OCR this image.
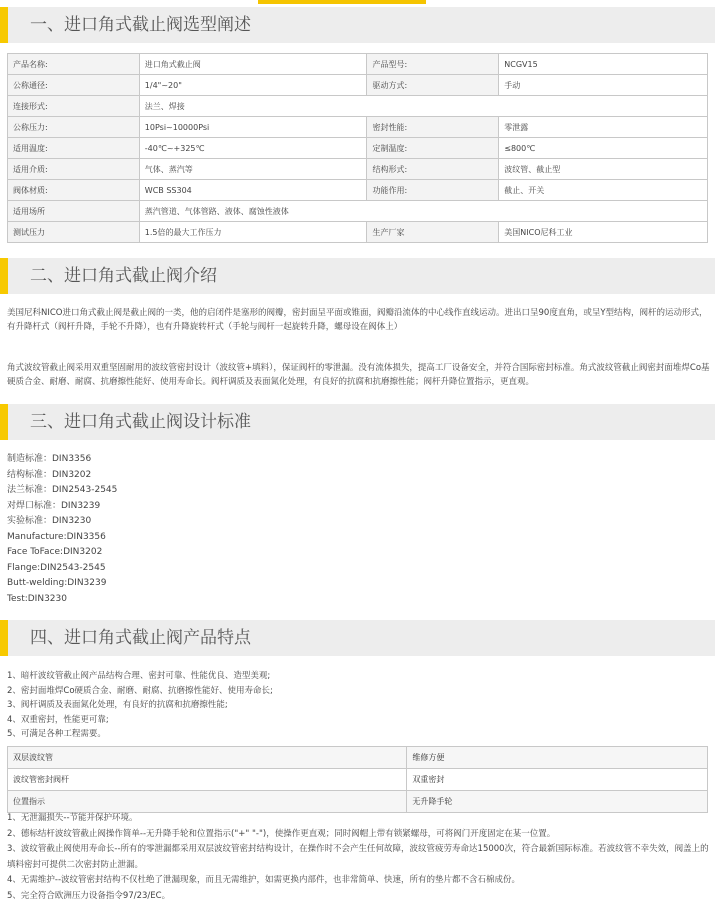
一、进口角式截止阀选型阐述
产品名称:	进口角式截止阀	产品型号:	NCGV15
公称通径:	1/4"~20"	驱动方式:	手动
连接形式:	法兰、焊接		
公称压力:	10Psi~10000Psi	密封性能:	零泄露
适用温度:	-40℃~+325℃	定制温度:	≤800℃
适用介质:	气体、蒸汽等	结构形式:	波纹管、截止型
阀体材质:	WCB SS304	功能作用:	截止、开关
适用场所	蒸汽管道、气体管路、液体、腐蚀性液体		
测试压力	1.5倍的最大工作压力	生产厂家	美国NICO尼科工业
二、进口角式截止阀介绍

美国尼科NICO进口角式截止阀是截止阀的一类，他的启闭件是塞形的阀瓣，密封面呈平面或锥面，阀瓣沿流体的中心线作直线运动。进出口呈90度直角，或呈Y型结构，阀杆的运动形式，有升降杆式（阀杆升降，手轮不升降），也有升降旋转杆式（手轮与阀杆一起旋转升降，螺母设在阀体上）

角式波纹管截止阀采用双重坚固耐用的波纹管密封设计（波纹管+填料），保证阀杆的零泄漏。没有流体损失，提高工厂设备安全，并符合国际密封标准。角式波纹管截止阀密封面堆焊Co基硬质合金、耐磨、耐腐、抗磨擦性能好、使用寿命长。阀杆调质及表面氮化处理，有良好的抗腐和抗磨擦性能；阀杆升降位置指示，更直观。

三、进口角式截止阀设计标准
制造标准：DIN3356
结构标准：DIN3202
法兰标准：DIN2543-2545
对焊口标准：DIN3239
实验标准：DIN3230
Manufacture:DIN3356
Face ToFace:DIN3202
Flange:DIN2543-2545
Butt-welding:DIN3239
Test:DIN3230
四、进口角式截止阀产品特点
1、暗杆波纹管截止阀产品结构合理、密封可靠、性能优良、造型美观;
2、密封面堆焊Co硬质合金、耐磨、耐腐、抗磨擦性能好、使用寿命长;
3、阀杆调质及表面氮化处理，有良好的抗腐和抗磨擦性能;
4、双重密封，性能更可靠;
5、可满足各种工程需要。
双层波纹管	维修方便
波纹管密封阀杆	双重密封
位置指示	无升降手轮

1、无泄漏损失--节能并保护环境。

2、德标结杆波纹管截止阀操作简单--无升降手轮和位置指示("+" "-")，使操作更直观；同时阀帽上带有锁紧螺母，可将阀门开度固定在某一位置。

3、波纹管截止阀使用寿命长--所有的零泄漏都采用双层波纹管密封结构设计，在操作时不会产生任何故障，波纹管疲劳寿命达15000次，符合最新国际标准。若波纹管不幸失效，阀盖上的填料密封可提供二次密封防止泄漏。

4、无需维护--波纹管密封结构不仅杜绝了泄漏现象，而且无需维护，如需更换内部件，也非常简单、快速，所有的垫片都不含石棉成份。

5、完全符合欧洲压力设备指令97/23/EC。
